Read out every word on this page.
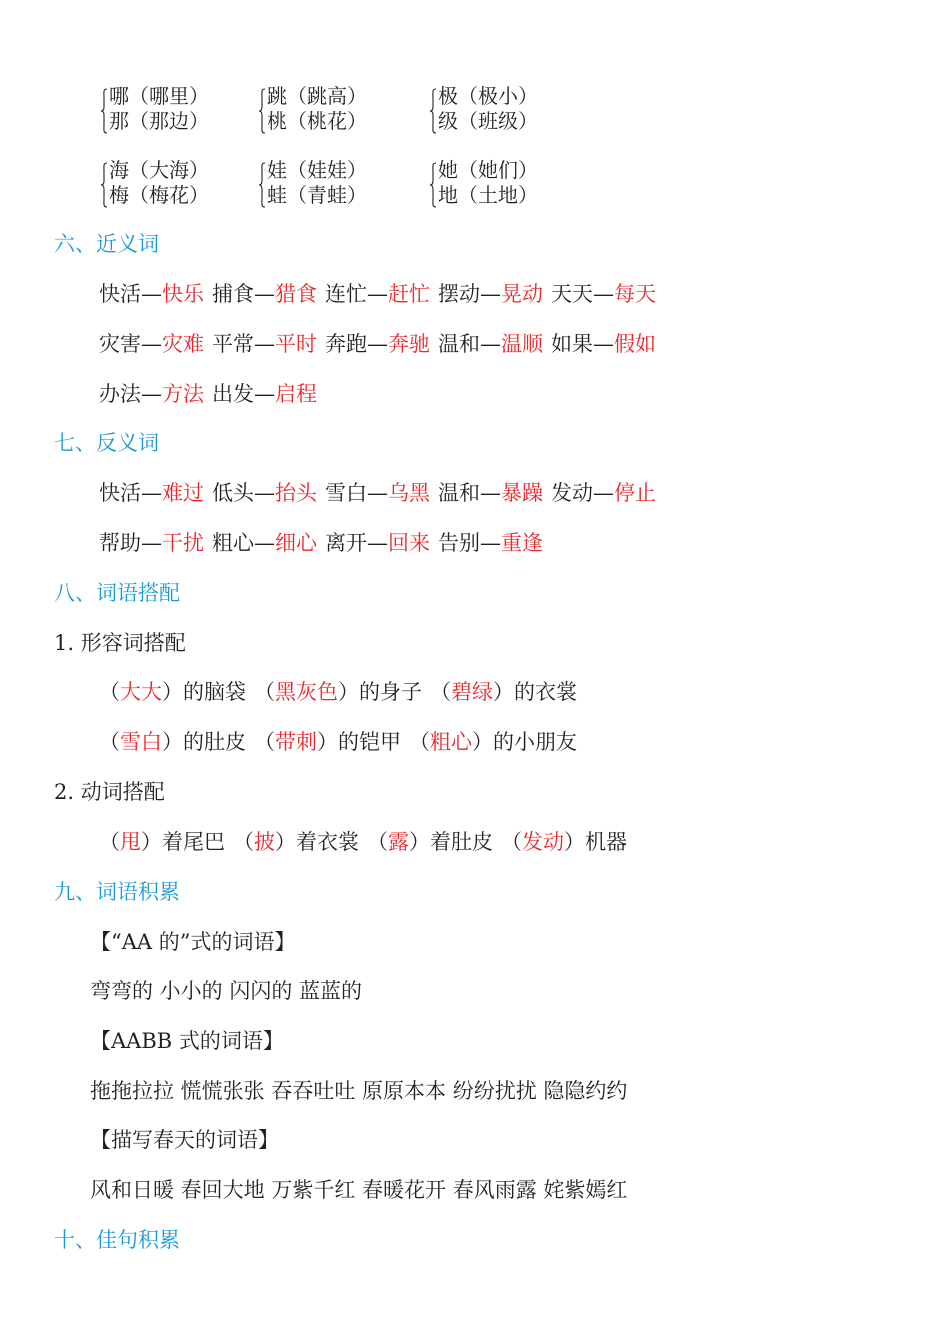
哪（哪里）
那（那边）
跳（跳高）
桃（桃花）
极（极小）
级（班级）
海（大海）
梅（梅花）
娃（娃娃）
蛙（青蛙）
她（她们）
地（土地）
六、近义词
快活—快乐 捕食—猎食 连忙—赶忙 摆动—晃动 天天—每天
灾害—灾难 平常—平时 奔跑—奔驰 温和—温顺 如果—假如
办法—方法 出发—启程
七、反义词
快活—难过 低头—抬头 雪白—乌黑 温和—暴躁 发动—停止
帮助—干扰 粗心—细心 离开—回来 告别—重逢
八、词语搭配
1. 形容词搭配
（大大）的脑袋 （黑灰色）的身子 （碧绿）的衣裳
（雪白）的肚皮 （带刺）的铠甲 （粗心）的小朋友
2. 动词搭配
（甩）着尾巴 （披）着衣裳 （露）着肚皮 （发动）机器
九、词语积累
【“AA 的”式的词语】
弯弯的 小小的 闪闪的 蓝蓝的
【AABB 式的词语】
拖拖拉拉 慌慌张张 吞吞吐吐 原原本本 纷纷扰扰 隐隐约约
【描写春天的词语】
风和日暖 春回大地 万紫千红 春暖花开 春风雨露 姹紫嫣红
十、佳句积累
